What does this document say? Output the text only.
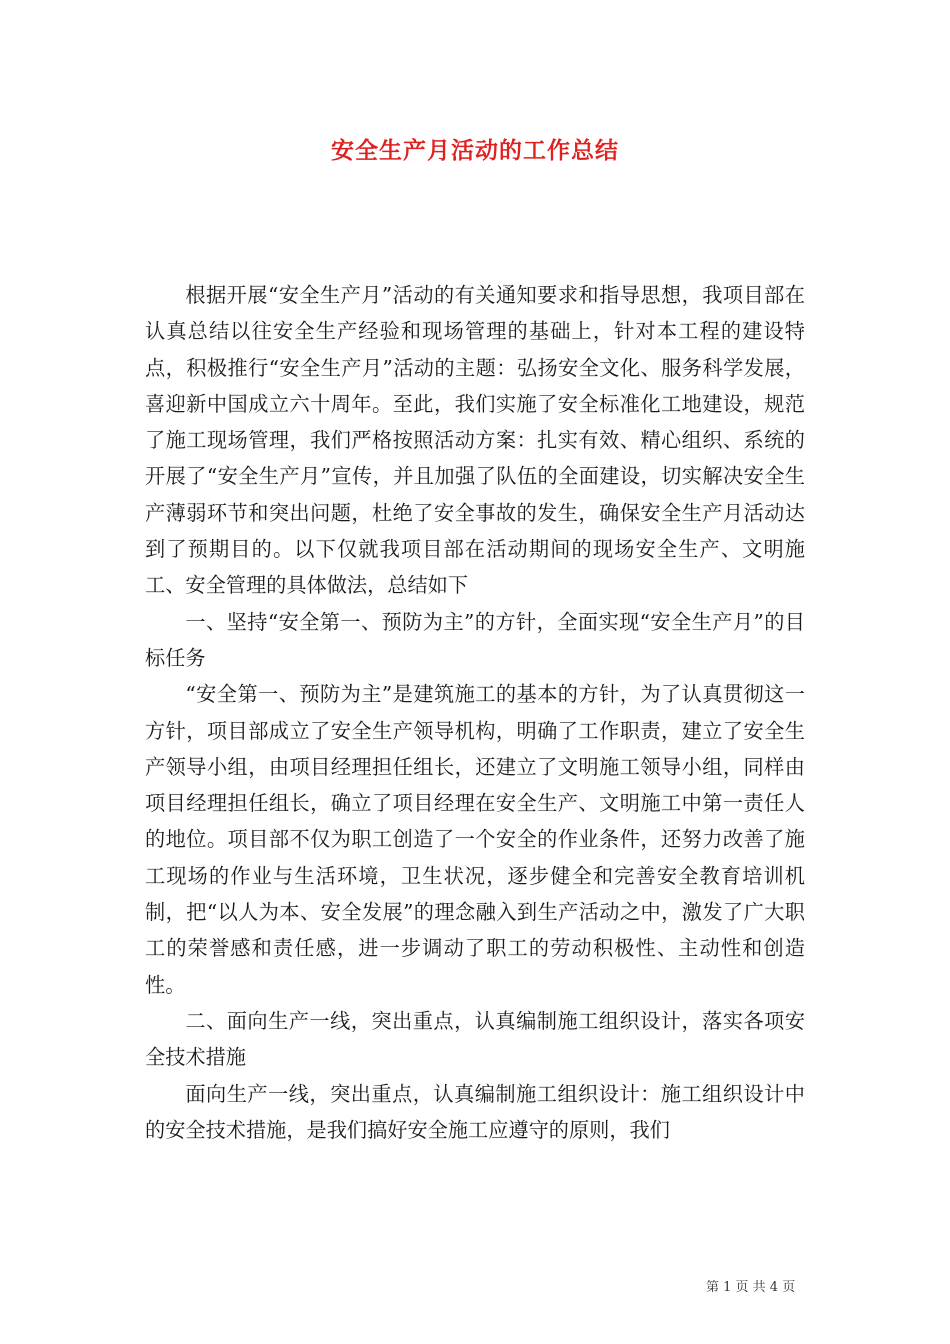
安全生产月活动的工作总结

根据开展“安全生产月”活动的有关通知要求和指导思想，我项目部在认真总结以往安全生产经验和现场管理的基础上，针对本工程的建设特点，积极推行“安全生产月”活动的主题：弘扬安全文化、服务科学发展，喜迎新中国成立六十周年。至此，我们实施了安全标准化工地建设，规范了施工现场管理，我们严格按照活动方案：扎实有效、精心组织、系统的开展了“安全生产月”宣传，并且加强了队伍的全面建设，切实解决安全生产薄弱环节和突出问题，杜绝了安全事故的发生，确保安全生产月活动达到了预期目的。以下仅就我项目部在活动期间的现场安全生产、文明施工、安全管理的具体做法，总结如下

一、坚持“安全第一、预防为主”的方针，全面实现“安全生产月”的目标任务

“安全第一、预防为主”是建筑施工的基本的方针，为了认真贯彻这一方针，项目部成立了安全生产领导机构，明确了工作职责，建立了安全生产领导小组，由项目经理担任组长，还建立了文明施工领导小组，同样由项目经理担任组长，确立了项目经理在安全生产、文明施工中第一责任人的地位。项目部不仅为职工创造了一个安全的作业条件，还努力改善了施工现场的作业与生活环境，卫生状况，逐步健全和完善安全教育培训机制，把“以人为本、安全发展”的理念融入到生产活动之中，激发了广大职工的荣誉感和责任感，进一步调动了职工的劳动积极性、主动性和创造性。

二、面向生产一线，突出重点，认真编制施工组织设计，落实各项安全技术措施

面向生产一线，突出重点，认真编制施工组织设计：施工组织设计中的安全技术措施，是我们搞好安全施工应遵守的原则，我们

第 1 页 共 4 页
